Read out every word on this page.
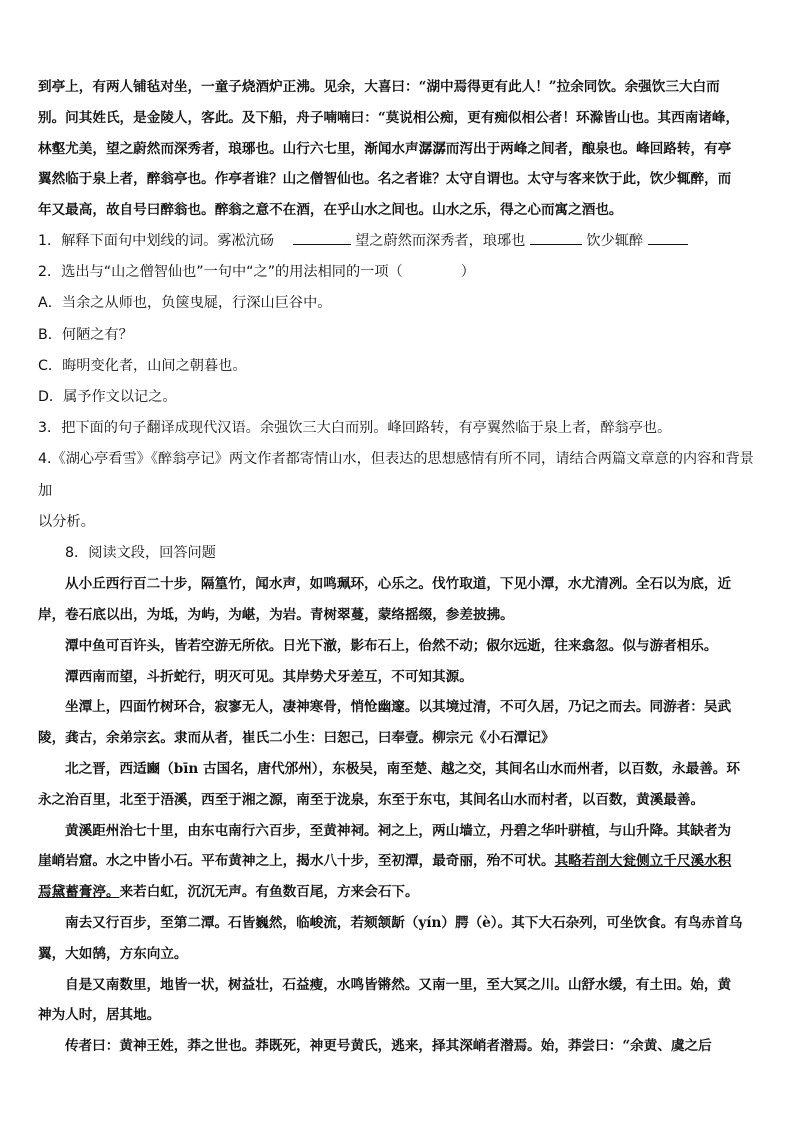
到亭上，有两人铺毡对坐，一童子烧酒炉正沸。见余，大喜曰：“湖中焉得更有此人！”拉余同饮。余强饮三大白而

别。问其姓氏，是金陵人，客此。及下船，舟子喃喃曰：“莫说相公痴，更有痴似相公者！环滁皆山也。其西南诸峰，

林壑尤美，望之蔚然而深秀者，琅琊也。山行六七里，渐闻水声潺潺而泻出于两峰之间者，酿泉也。峰回路转，有亭

翼然临于泉上者，醉翁亭也。作亭者谁？山之僧智仙也。名之者谁？太守自谓也。太守与客来饮于此，饮少辄醉，而

年又最高，故自号曰醉翁也。醉翁之意不在酒，在乎山水之间也。山水之乐，得之心而寓之酒也。

1．解释下面句中划线的词。雾凇沆砀	望之蔚然而深秀者，琅琊也	饮少辄醉

2．选出与“山之僧智仙也”一句中“之”的用法相同的一项（	）

A．当余之从师也，负箧曳屣，行深山巨谷中。

B．何陋之有？

C．晦明变化者，山间之朝暮也。

D．属予作文以记之。

3．把下面的句子翻译成现代汉语。余强饮三大白而别。峰回路转，有亭翼然临于泉上者，醉翁亭也。

4.《湖心亭看雪》《醉翁亭记》两文作者都寄情山水，但表达的思想感情有所不同，请结合两篇文章意的内容和背景加

以分析。

8．阅读文段，回答问题

从小丘西行百二十步，隔篁竹，闻水声，如鸣珮环，心乐之。伐竹取道，下见小潭，水尤清冽。全石以为底，近

岸，卷石底以出，为坻，为屿，为嵁，为岩。青树翠蔓，蒙络摇缀，参差披拂。

潭中鱼可百许头，皆若空游无所依。日光下澈，影布石上，佁然不动；俶尔远逝，往来翕忽。似与游者相乐。

潭西南而望，斗折蛇行，明灭可见。其岸势犬牙差互，不可知其源。

坐潭上，四面竹树环合，寂寥无人，凄神寒骨，悄怆幽邃。以其境过清，不可久居，乃记之而去。同游者：吴武

陵，龚古，余弟宗玄。隶而从者，崔氏二小生：曰恕己，曰奉壹。柳宗元《小石潭记》

北之晋，西适豳（bīn 古国名，唐代邠州），东极吴，南至楚、越之交，其间名山水而州者，以百数，永最善。环

永之治百里，北至于浯溪，西至于湘之源，南至于泷泉，东至于东屯，其间名山水而村者，以百数，黄溪最善。

黄溪距州治七十里，由东屯南行六百步，至黄神祠。祠之上，两山墙立，丹碧之华叶骈植，与山升降。其缺者为

崖峭岩窟。水之中皆小石。平布黄神之上，揭水八十步，至初潭，最奇丽，殆不可状。其略若剖大瓮侧立千尺溪水积

焉黛蓄膏渟。来若白虹，沉沉无声。有鱼数百尾，方来会石下。

南去又行百步，至第二潭。石皆巍然，临峻流，若颏颔龂（yín）腭（è）。其下大石杂列，可坐饮食。有鸟赤首乌

翼，大如鹄，方东向立。

自是又南数里，地皆一状，树益壮，石益瘦，水鸣皆锵然。又南一里，至大冥之川。山舒水缓，有土田。始，黄

神为人时，居其地。

传者曰：黄神王姓，莽之世也。莽既死，神更号黄氏，逃来，择其深峭者潜焉。始，莽尝曰：“余黄、虞之后
